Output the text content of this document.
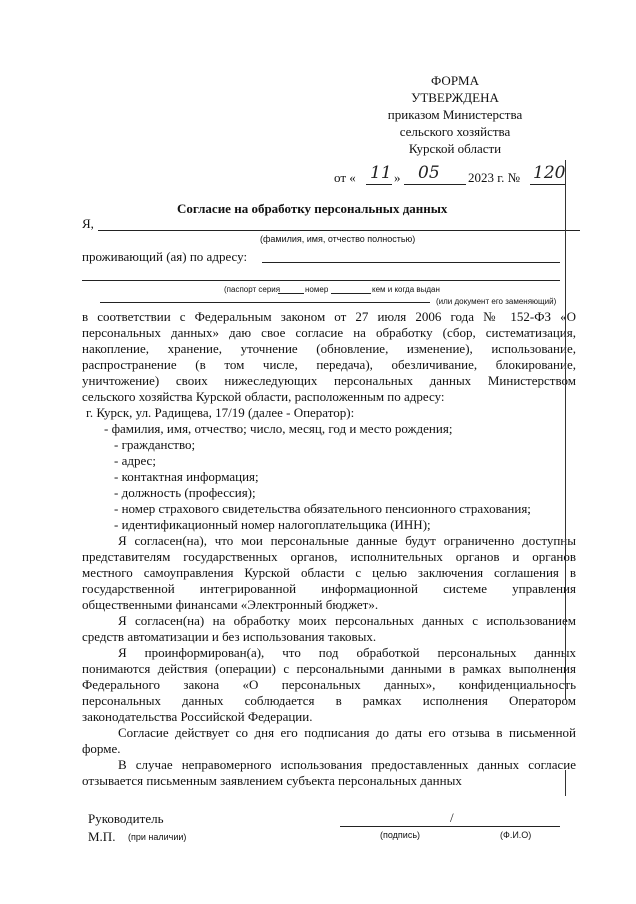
ФОРМА
УТВЕРЖДЕНА
приказом Министерства
сельского хозяйства
Курской области
от « 11 » 05 2023 г. № 120
Согласие на обработку персональных данных
Я,
(фамилия, имя, отчество полностью)
проживающий (ая) по адресу:
(паспорт серия	номер	кем и когда выдан
(или документ его заменяющий)
в соответствии с Федеральным законом от 27 июля 2006 года № 152-ФЗ «О
персональных данных» даю свое согласие на обработку (сбор, систематизация,
накопление, хранение, уточнение (обновление, изменение), использование,
распространение (в том числе, передача), обезличивание, блокирование,
уничтожение) своих нижеследующих персональных данных Министерством
сельского хозяйства Курской области, расположенным по адресу:
г. Курск, ул. Радищева, 17/19 (далее - Оператор):
- фамилия, имя, отчество; число, месяц, год и место рождения;
- гражданство;
- адрес;
- контактная информация;
- должность (профессия);
- номер страхового свидетельства обязательного пенсионного страхования;
- идентификационный номер налогоплательщика (ИНН);
Я согласен(на), что мои персональные данные будут ограниченно доступны
представителям государственных органов, исполнительных органов и органов
местного самоуправления Курской области с целью заключения соглашения в
государственной интегрированной информационной системе управления
общественными финансами «Электронный бюджет».
Я согласен(на) на обработку моих персональных данных с использованием
средств автоматизации и без использования таковых.
Я проинформирован(а), что под обработкой персональных данных
понимаются действия (операции) с персональными данными в рамках выполнения
Федерального закона «О персональных данных», конфиденциальность
персональных данных соблюдается в рамках исполнения Оператором
законодательства Российской Федерации.
Согласие действует со дня его подписания до даты его отзыва в письменной
форме.
В случае неправомерного использования предоставленных данных согласие
отзывается письменным заявлением субъекта персональных данных
Руководитель	/
М.П. (при наличии)	(подпись)	(Ф.И.О)
